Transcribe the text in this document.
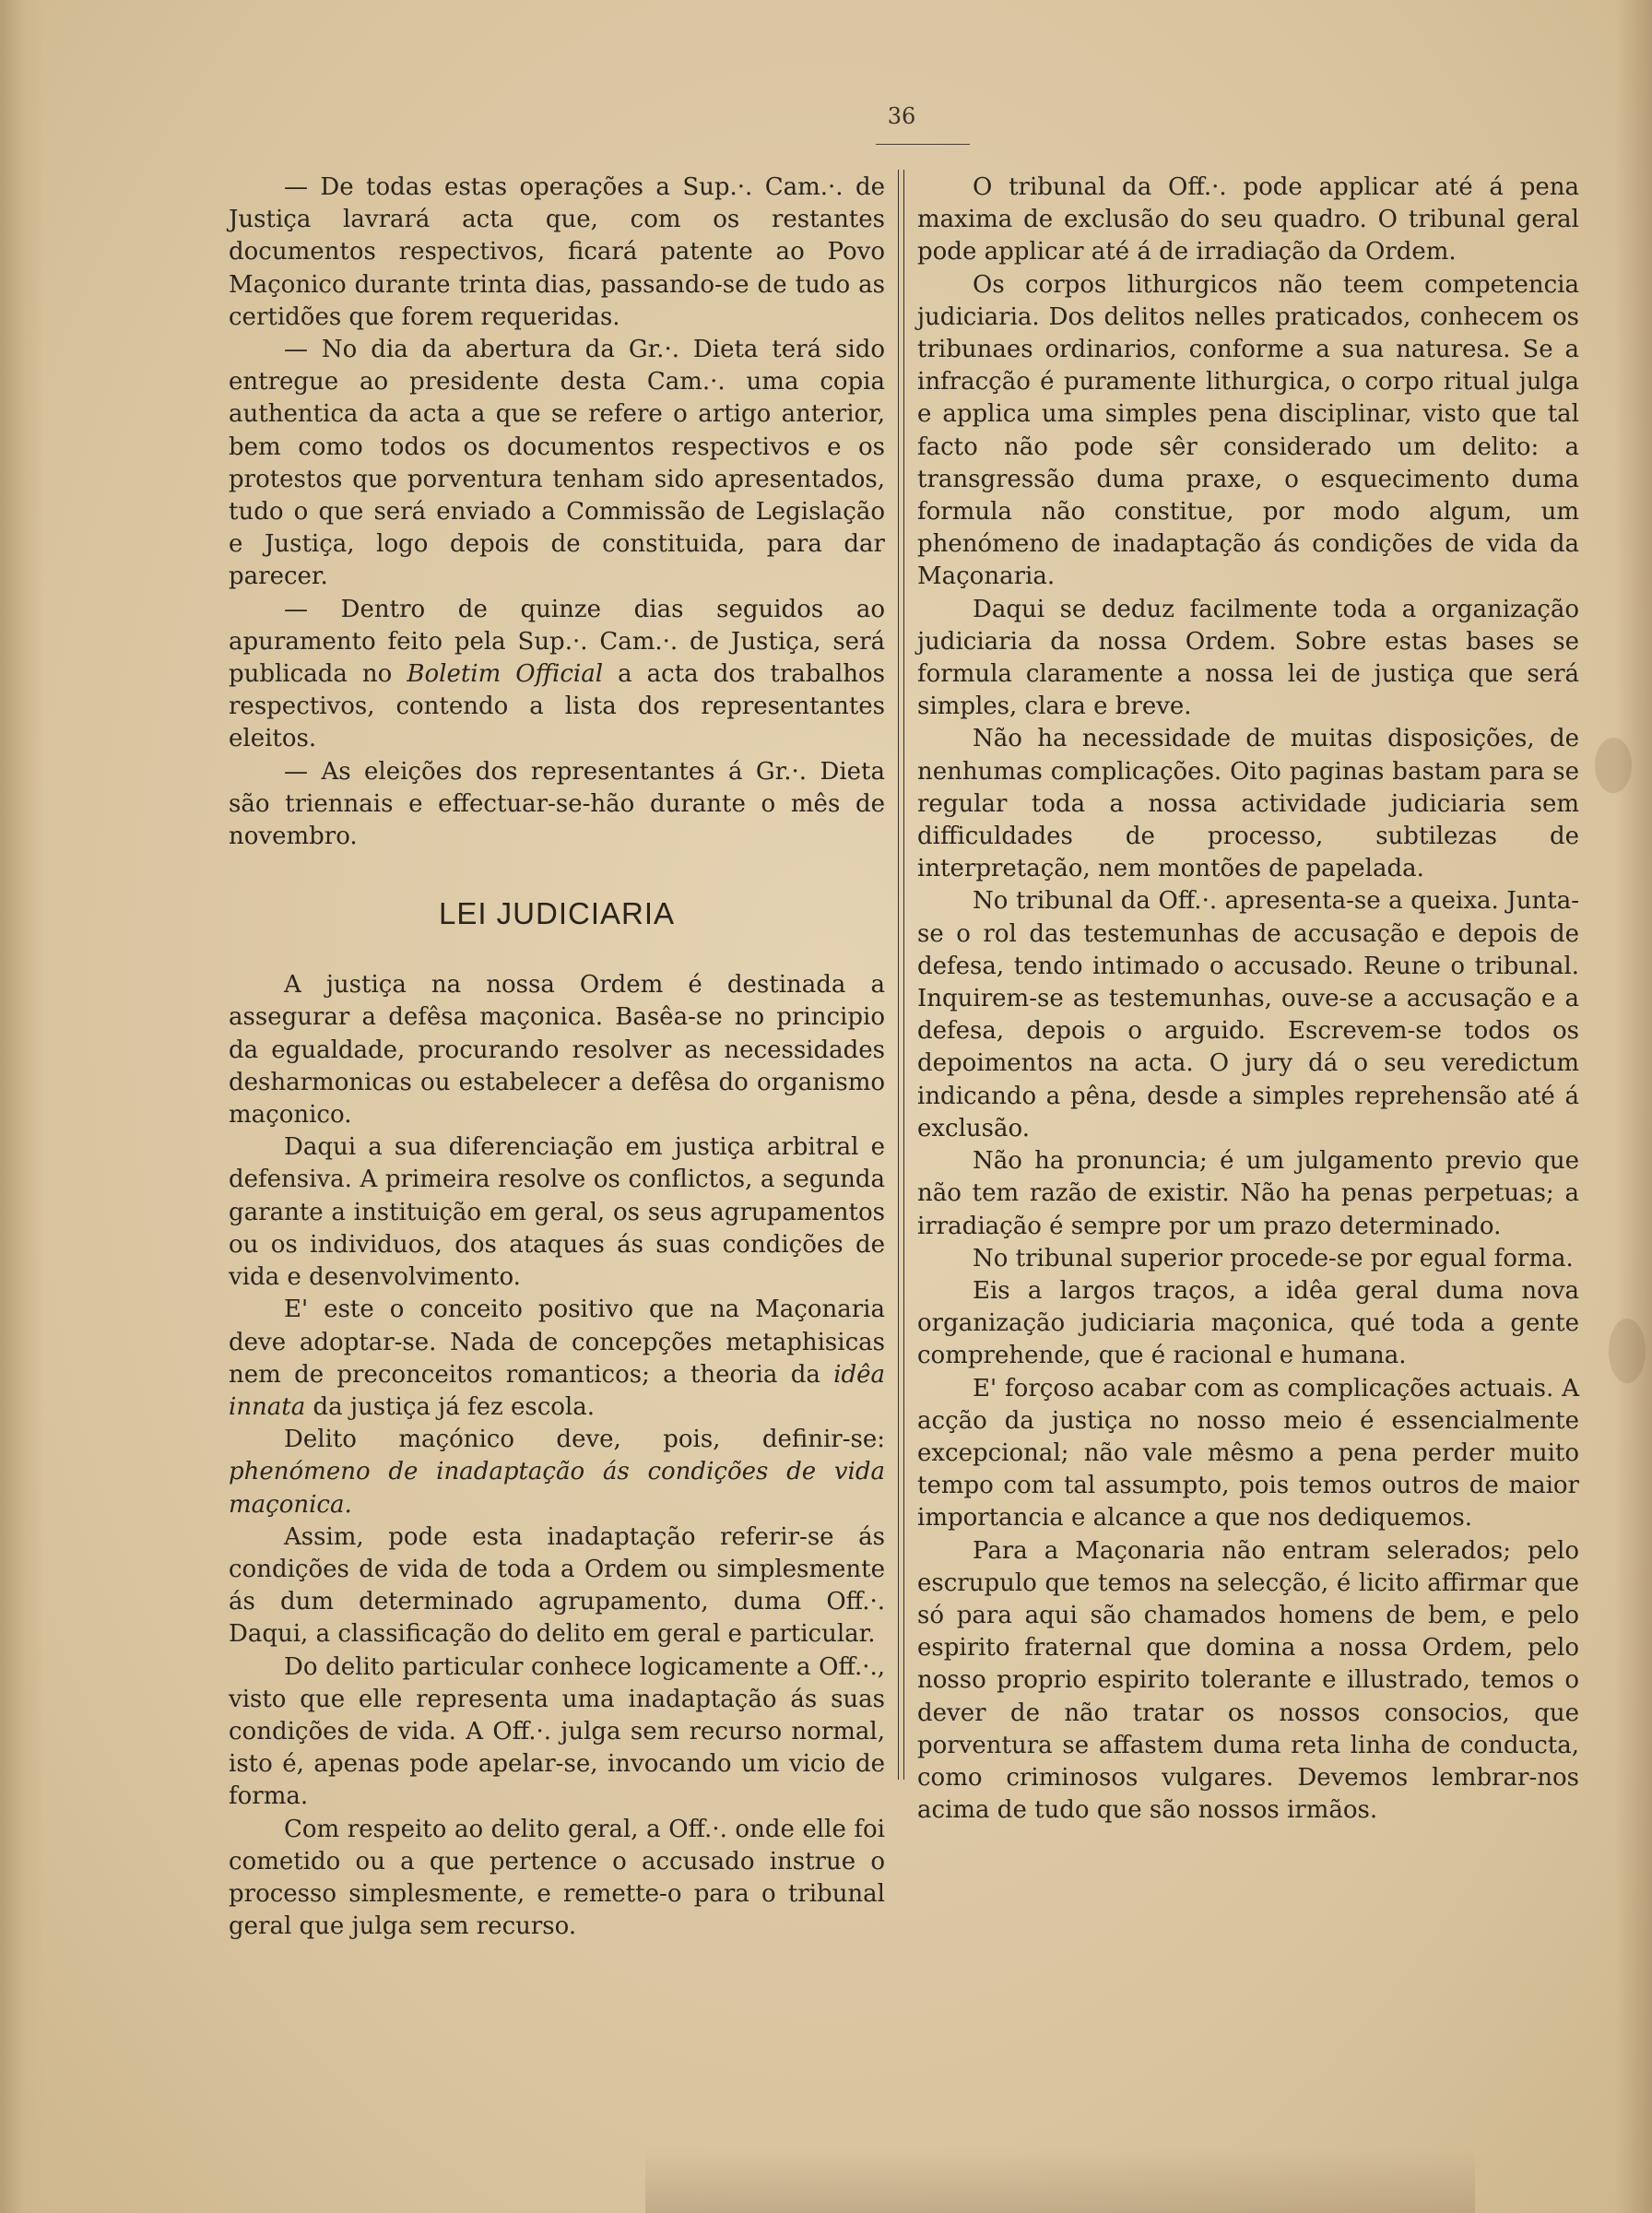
36

— De todas estas operações a Sup.·. Cam.·. de Justiça lavrará acta que, com os restantes documentos respectivos, ficará patente ao Povo Maçonico durante trinta dias, passando-se de tudo as certidões que forem requeridas.

— No dia da abertura da Gr.·. Dieta terá sido entregue ao presidente desta Cam.·. uma copia authentica da acta a que se refere o artigo anterior, bem como todos os documentos respectivos e os protestos que porventura tenham sido apresentados, tudo o que será enviado a Commissão de Legislação e Justiça, logo depois de constituida, para dar parecer.

— Dentro de quinze dias seguidos ao apuramento feito pela Sup.·. Cam.·. de Justiça, será publicada no Boletim Official a acta dos trabalhos respectivos, contendo a lista dos representantes eleitos.

— As eleições dos representantes á Gr.·. Dieta são triennais e effectuar-se-hão durante o mês de novembro.

LEI JUDICIARIA

A justiça na nossa Ordem é destinada a assegurar a defêsa maçonica. Basêa-se no principio da egualdade, procurando resolver as necessidades desharmonicas ou estabelecer a defêsa do organismo maçonico.

Daqui a sua diferenciação em justiça arbitral e defensiva. A primeira resolve os conflictos, a segunda garante a instituição em geral, os seus agrupamentos ou os individuos, dos ataques ás suas condições de vida e desenvolvimento.

E' este o conceito positivo que na Maçonaria deve adoptar-se. Nada de concepções metaphisicas nem de preconceitos romanticos; a theoria da idêa innata da justiça já fez escola.

Delito maçónico deve, pois, definir-se: phenómeno de inadaptação ás condições de vida maçonica.

Assim, pode esta inadaptação referir-se ás condições de vida de toda a Ordem ou simplesmente ás dum determinado agrupamento, duma Off.·. Daqui, a classificação do delito em geral e particular.

Do delito particular conhece logicamente a Off.·., visto que elle representa uma inadaptação ás suas condições de vida. A Off.·. julga sem recurso normal, isto é, apenas pode apelar-se, invocando um vicio de forma.

Com respeito ao delito geral, a Off.·. onde elle foi cometido ou a que pertence o accusado instrue o processo simplesmente, e remette-o para o tribunal geral que julga sem recurso.

O tribunal da Off.·. pode applicar até á pena maxima de exclusão do seu quadro. O tribunal geral pode applicar até á de irradiação da Ordem.

Os corpos lithurgicos não teem competencia judiciaria. Dos delitos nelles praticados, conhecem os tribunaes ordinarios, conforme a sua naturesa. Se a infracção é puramente lithurgica, o corpo ritual julga e applica uma simples pena disciplinar, visto que tal facto não pode sêr considerado um delito: a transgressão duma praxe, o esquecimento duma formula não constitue, por modo algum, um phenómeno de inadaptação ás condições de vida da Maçonaria.

Daqui se deduz facilmente toda a organização judiciaria da nossa Ordem. Sobre estas bases se formula claramente a nossa lei de justiça que será simples, clara e breve.

Não ha necessidade de muitas disposições, de nenhumas complicações. Oito paginas bastam para se regular toda a nossa actividade judiciaria sem difficuldades de processo, subtilezas de interpretação, nem montões de papelada.

No tribunal da Off.·. apresenta-se a queixa. Junta-se o rol das testemunhas de accusação e depois de defesa, tendo intimado o accusado. Reune o tribunal. Inquirem-se as testemunhas, ouve-se a accusação e a defesa, depois o arguido. Escrevem-se todos os depoimentos na acta. O jury dá o seu veredictum indicando a pêna, desde a simples reprehensão até á exclusão.

Não ha pronuncia; é um julgamento previo que não tem razão de existir. Não ha penas perpetuas; a irradiação é sempre por um prazo determinado.

No tribunal superior procede-se por egual forma.

Eis a largos traços, a idêa geral duma nova organização judiciaria maçonica, qué toda a gente comprehende, que é racional e humana.

E' forçoso acabar com as complicações actuais. A acção da justiça no nosso meio é essencialmente excepcional; não vale mêsmo a pena perder muito tempo com tal assumpto, pois temos outros de maior importancia e alcance a que nos dediquemos.

Para a Maçonaria não entram selerados; pelo escrupulo que temos na selecção, é licito affirmar que só para aqui são chamados homens de bem, e pelo espirito fraternal que domina a nossa Ordem, pelo nosso proprio espirito tolerante e illustrado, temos o dever de não tratar os nossos consocios, que porventura se affastem duma reta linha de conducta, como criminosos vulgares. Devemos lembrar-nos acima de tudo que são nossos irmãos.
